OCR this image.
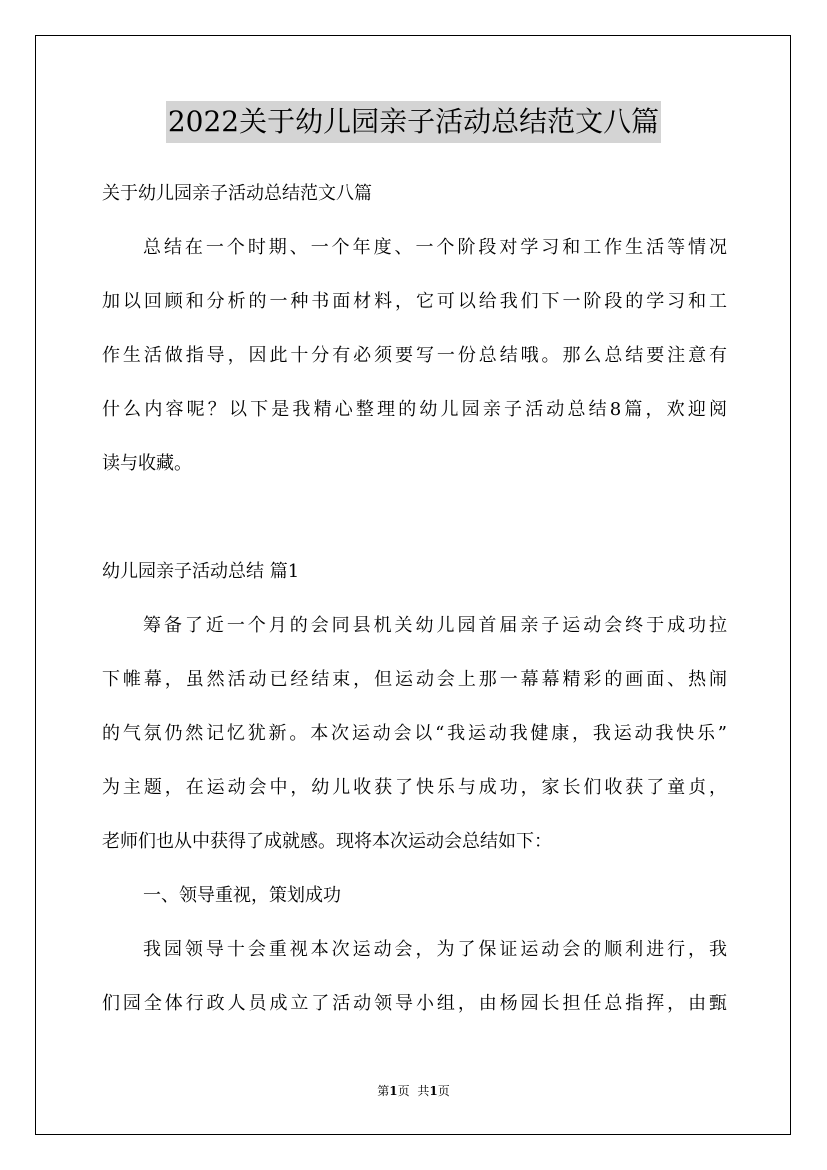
2022关于幼儿园亲子活动总结范文八篇
关于幼儿园亲子活动总结范文八篇
总结在一个时期、一个年度、一个阶段对学习和工作生活等情况
加以回顾和分析的一种书面材料，它可以给我们下一阶段的学习和工
作生活做指导，因此十分有必须要写一份总结哦。那么总结要注意有
什么内容呢？以下是我精心整理的幼儿园亲子活动总结8篇，欢迎阅
读与收藏。
幼儿园亲子活动总结 篇1
筹备了近一个月的会同县机关幼儿园首届亲子运动会终于成功拉
下帷幕，虽然活动已经结束，但运动会上那一幕幕精彩的画面、热闹
的气氛仍然记忆犹新。本次运动会以“我运动我健康，我运动我快乐”
为主题，在运动会中，幼儿收获了快乐与成功，家长们收获了童贞，
老师们也从中获得了成就感。现将本次运动会总结如下：
一、领导重视，策划成功
我园领导十会重视本次运动会，为了保证运动会的顺利进行，我
们园全体行政人员成立了活动领导小组，由杨园长担任总指挥，由甄
第1页 共1页
